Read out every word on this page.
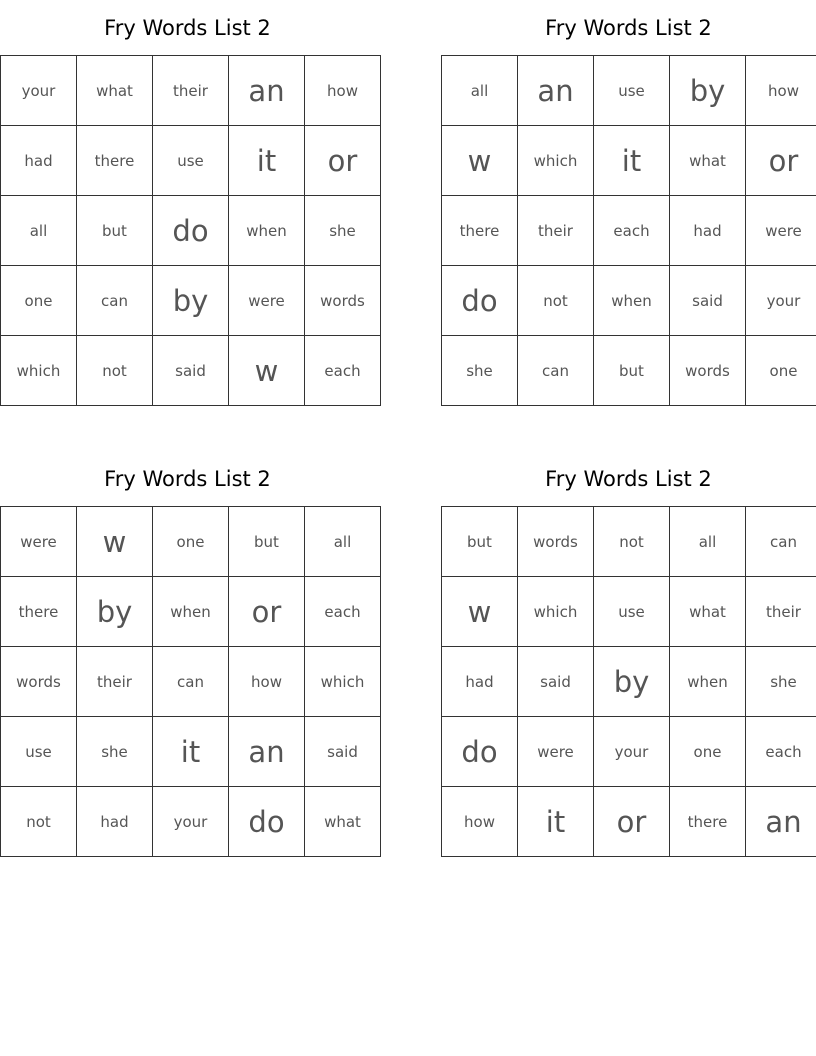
Fry Words List 2
your	what	their	an	how
had	there	use	it	or
all	but	do	when	she
one	can	by	were	words
which	not	said	w	each
Fry Words List 2
all	an	use	by	how
w	which	it	what	or
there	their	each	had	were
do	not	when	said	your
she	can	but	words	one
Fry Words List 2
were	w	one	but	all
there	by	when	or	each
words	their	can	how	which
use	she	it	an	said
not	had	your	do	what
Fry Words List 2
but	words	not	all	can
w	which	use	what	their
had	said	by	when	she
do	were	your	one	each
how	it	or	there	an
